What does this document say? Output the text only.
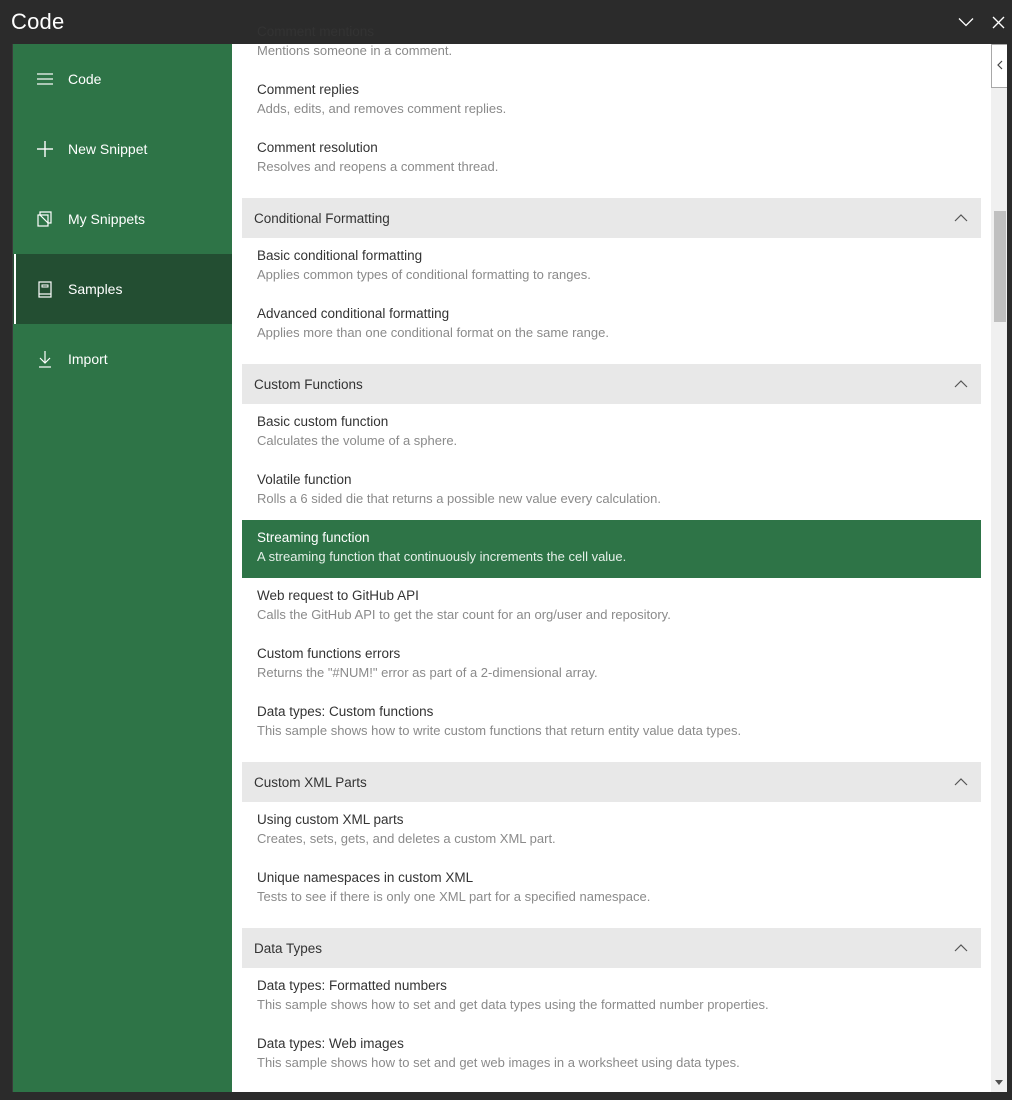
Code
Code
New Snippet
My Snippets
Samples
Import
Comment mentions
Mentions someone in a comment.
Comment replies
Adds, edits, and removes comment replies.
Comment resolution
Resolves and reopens a comment thread.
Conditional Formatting
Basic conditional formatting
Applies common types of conditional formatting to ranges.
Advanced conditional formatting
Applies more than one conditional format on the same range.
Custom Functions
Basic custom function
Calculates the volume of a sphere.
Volatile function
Rolls a 6 sided die that returns a possible new value every calculation.
Streaming function
A streaming function that continuously increments the cell value.
Web request to GitHub API
Calls the GitHub API to get the star count for an org/user and repository.
Custom functions errors
Returns the "#NUM!" error as part of a 2-dimensional array.
Data types: Custom functions
This sample shows how to write custom functions that return entity value data types.
Custom XML Parts
Using custom XML parts
Creates, sets, gets, and deletes a custom XML part.
Unique namespaces in custom XML
Tests to see if there is only one XML part for a specified namespace.
Data Types
Data types: Formatted numbers
This sample shows how to set and get data types using the formatted number properties.
Data types: Web images
This sample shows how to set and get web images in a worksheet using data types.
